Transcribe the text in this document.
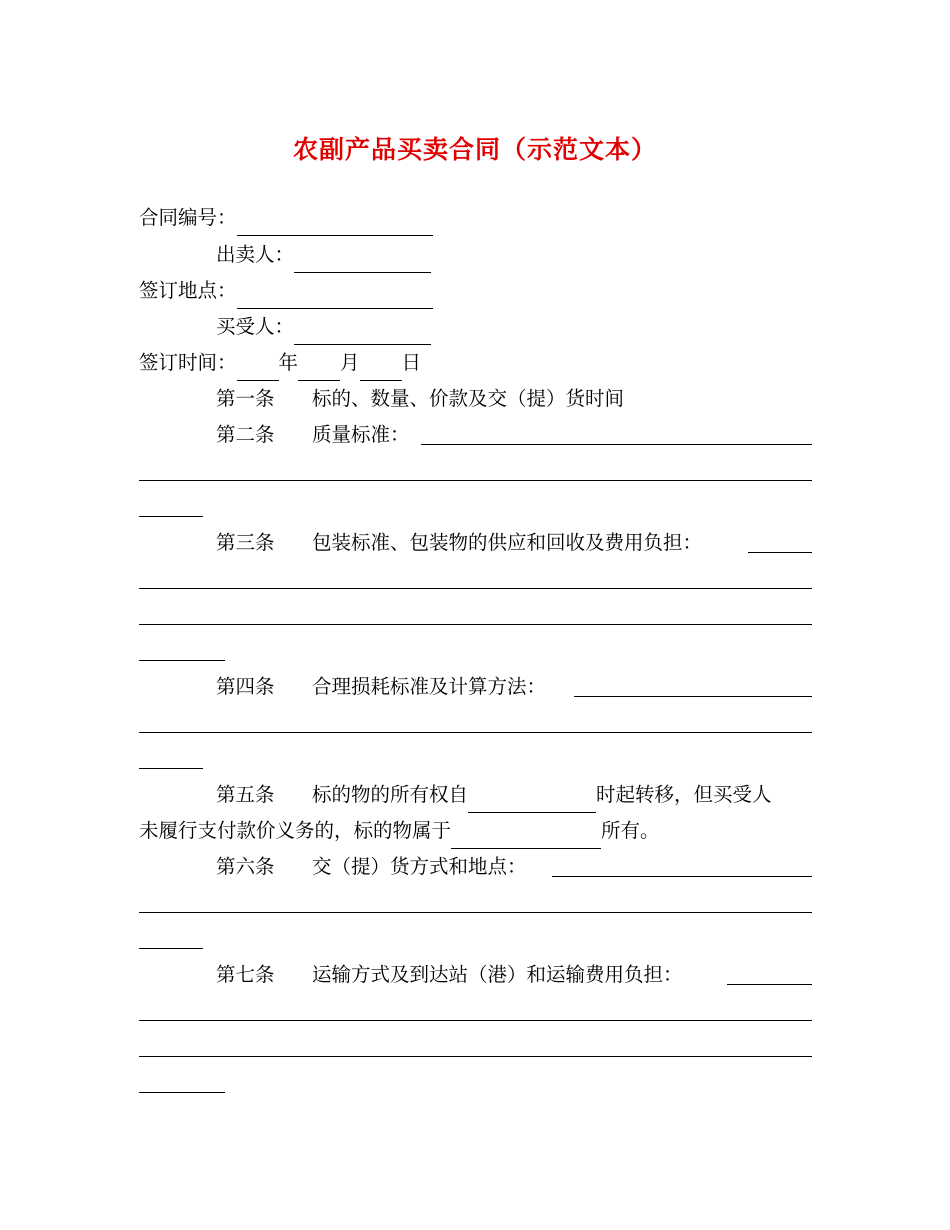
农副产品买卖合同（示范文本）
合同编号：
出卖人：
签订地点：
买受人：
签订时间： 年 月 日
第一条 标的、数量、价款及交（提）货时间
第二条 质量标准：
第三条 包装标准、包装物的供应和回收及费用负担：
第四条 合理损耗标准及计算方法：
第五条 标的物的所有权自	时起转移，但买受人
未履行支付款价义务的，标的物属于	所有。
第六条 交（提）货方式和地点：
第七条 运输方式及到达站（港）和运输费用负担：
